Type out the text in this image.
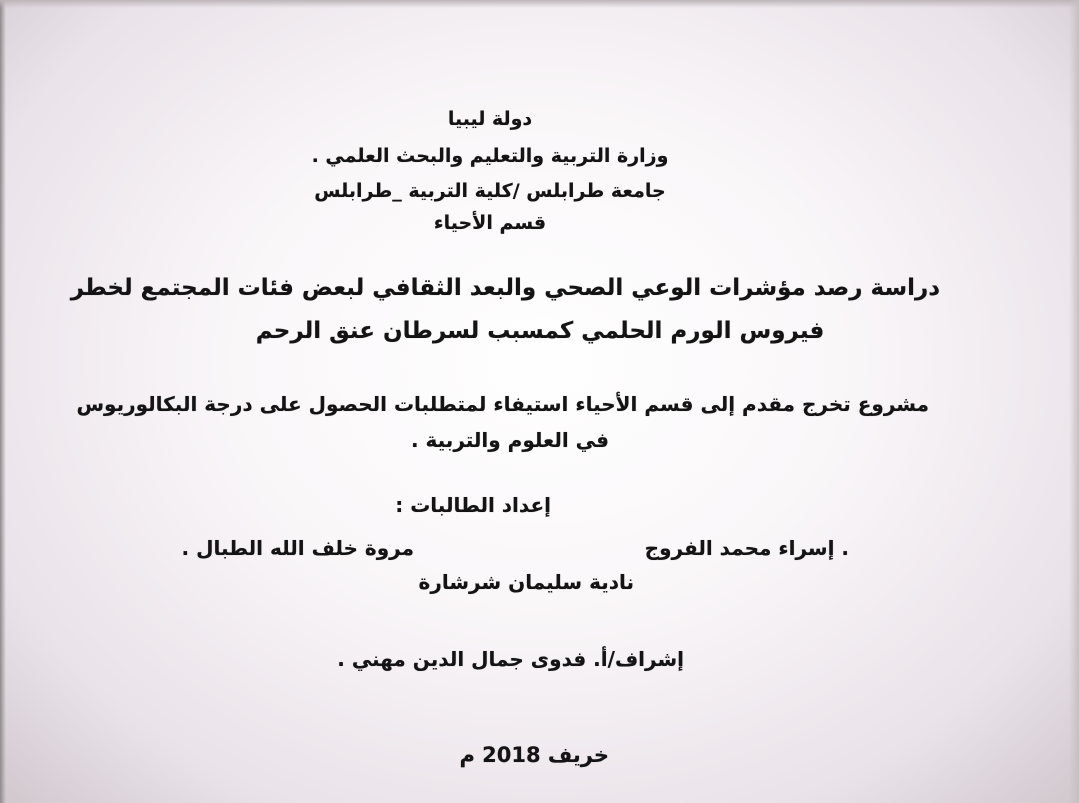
دولة ليبيا
وزارة التربية والتعليم والبحث العلمي .
جامعة طرابلس /كلية التربية _طرابلس
قسم الأحياء
دراسة رصد مؤشرات الوعي الصحي والبعد الثقافي لبعض فئات المجتمع لخطر
فيروس الورم الحلمي كمسبب لسرطان عنق الرحم
مشروع تخرج مقدم إلى قسم الأحياء استيفاء لمتطلبات الحصول على درجة البكالوريوس
في العلوم والتربية .
إعداد الطالبات :
. إسراء محمد الفروج
مروة خلف الله الطبال .
نادية سليمان شرشارة
إشراف/أ. فدوى جمال الدين مهني .
خريف 2018 م
